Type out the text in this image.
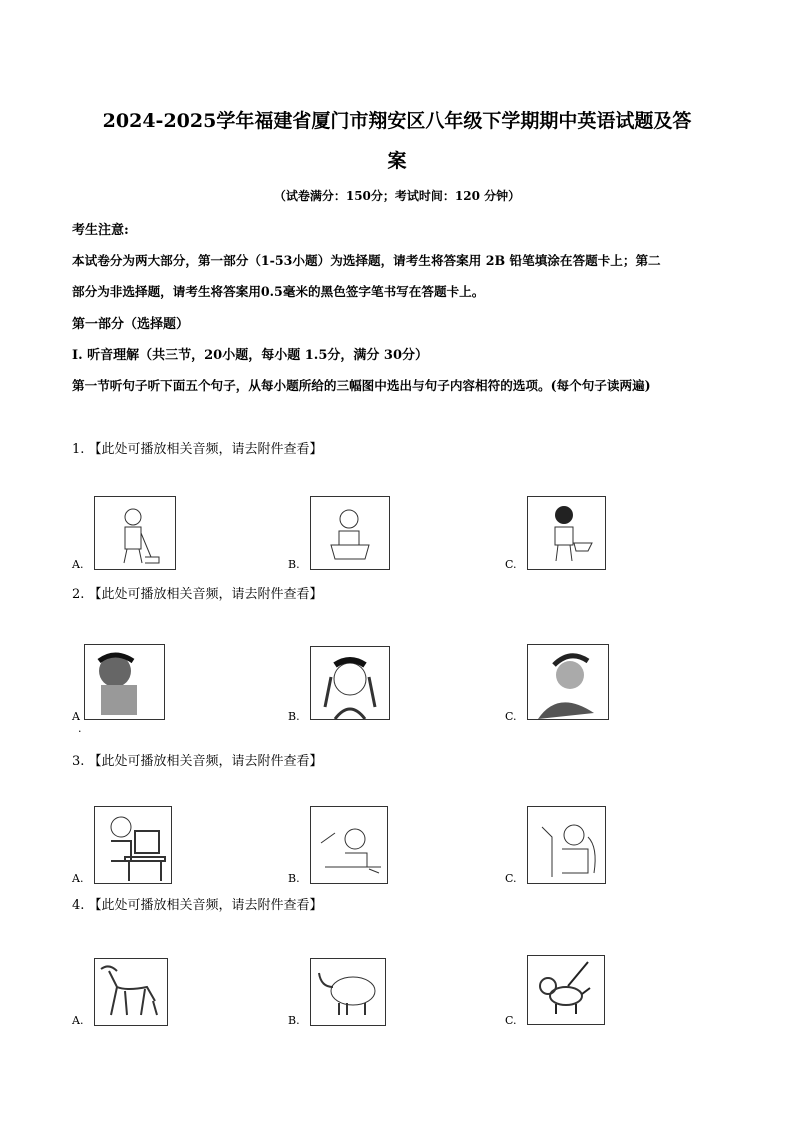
2024-2025学年福建省厦门市翔安区八年级下学期期中英语试题及答
案
（试卷满分：150分；考试时间：120 分钟）
考生注意:
本试卷分为两大部分，第一部分（1-53小题）为选择题，请考生将答案用 2B 铅笔填涂在答题卡上；第二
部分为非选择题，请考生将答案用0.5毫米的黑色签字笔书写在答题卡上。
第一部分（选择题）
Ⅰ. 听音理解（共三节，20小题，每小题 1.5分，满分 30分）
第一节听句子听下面五个句子，从每小题所给的三幅图中选出与句子内容相符的选项。(每个句子读两遍)
1. 【此处可播放相关音频，请去附件查看】
A.	B.	C.
2. 【此处可播放相关音频，请去附件查看】
A
.
B.	C.
3. 【此处可播放相关音频，请去附件查看】
A.	B.	C.
4. 【此处可播放相关音频，请去附件查看】
A.	B.	C.
